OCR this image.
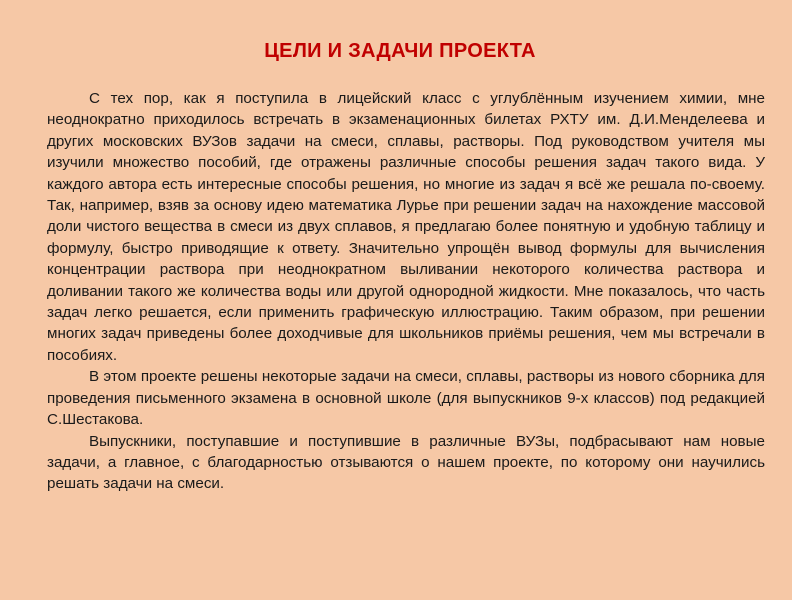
ЦЕЛИ И ЗАДАЧИ ПРОЕКТА

С тех пор, как я поступила в лицейский класс с углублённым изучением химии, мне неоднократно приходилось встречать в экзаменационных билетах РХТУ им. Д.И.Менделеева и других московских ВУЗов задачи на смеси, сплавы, растворы. Под руководством учителя мы изучили множество пособий, где отражены различные способы решения задач такого вида. У каждого автора есть интересные способы решения, но многие из задач я всё же решала по-своему. Так, например, взяв за основу идею математика Лурье при решении задач на нахождение массовой доли чистого вещества в смеси из двух сплавов, я предлагаю более понятную и удобную таблицу и формулу, быстро приводящие к ответу. Значительно упрощён вывод формулы для вычисления концентрации раствора при неоднократном выливании некоторого количества раствора и доливании такого же количества воды или другой однородной жидкости. Мне показалось, что часть задач легко решается, если применить графическую иллюстрацию. Таким образом, при решении многих задач приведены более доходчивые для школьников приёмы решения, чем мы встречали в пособиях.

В этом проекте решены некоторые задачи на смеси, сплавы, растворы из нового сборника для проведения письменного экзамена в основной школе (для выпускников 9-х классов) под редакцией С.Шестакова.

Выпускники, поступавшие и поступившие в различные ВУЗы, подбрасывают нам новые задачи, а главное, с благодарностью отзываются о нашем проекте, по которому они научились решать задачи на смеси.
